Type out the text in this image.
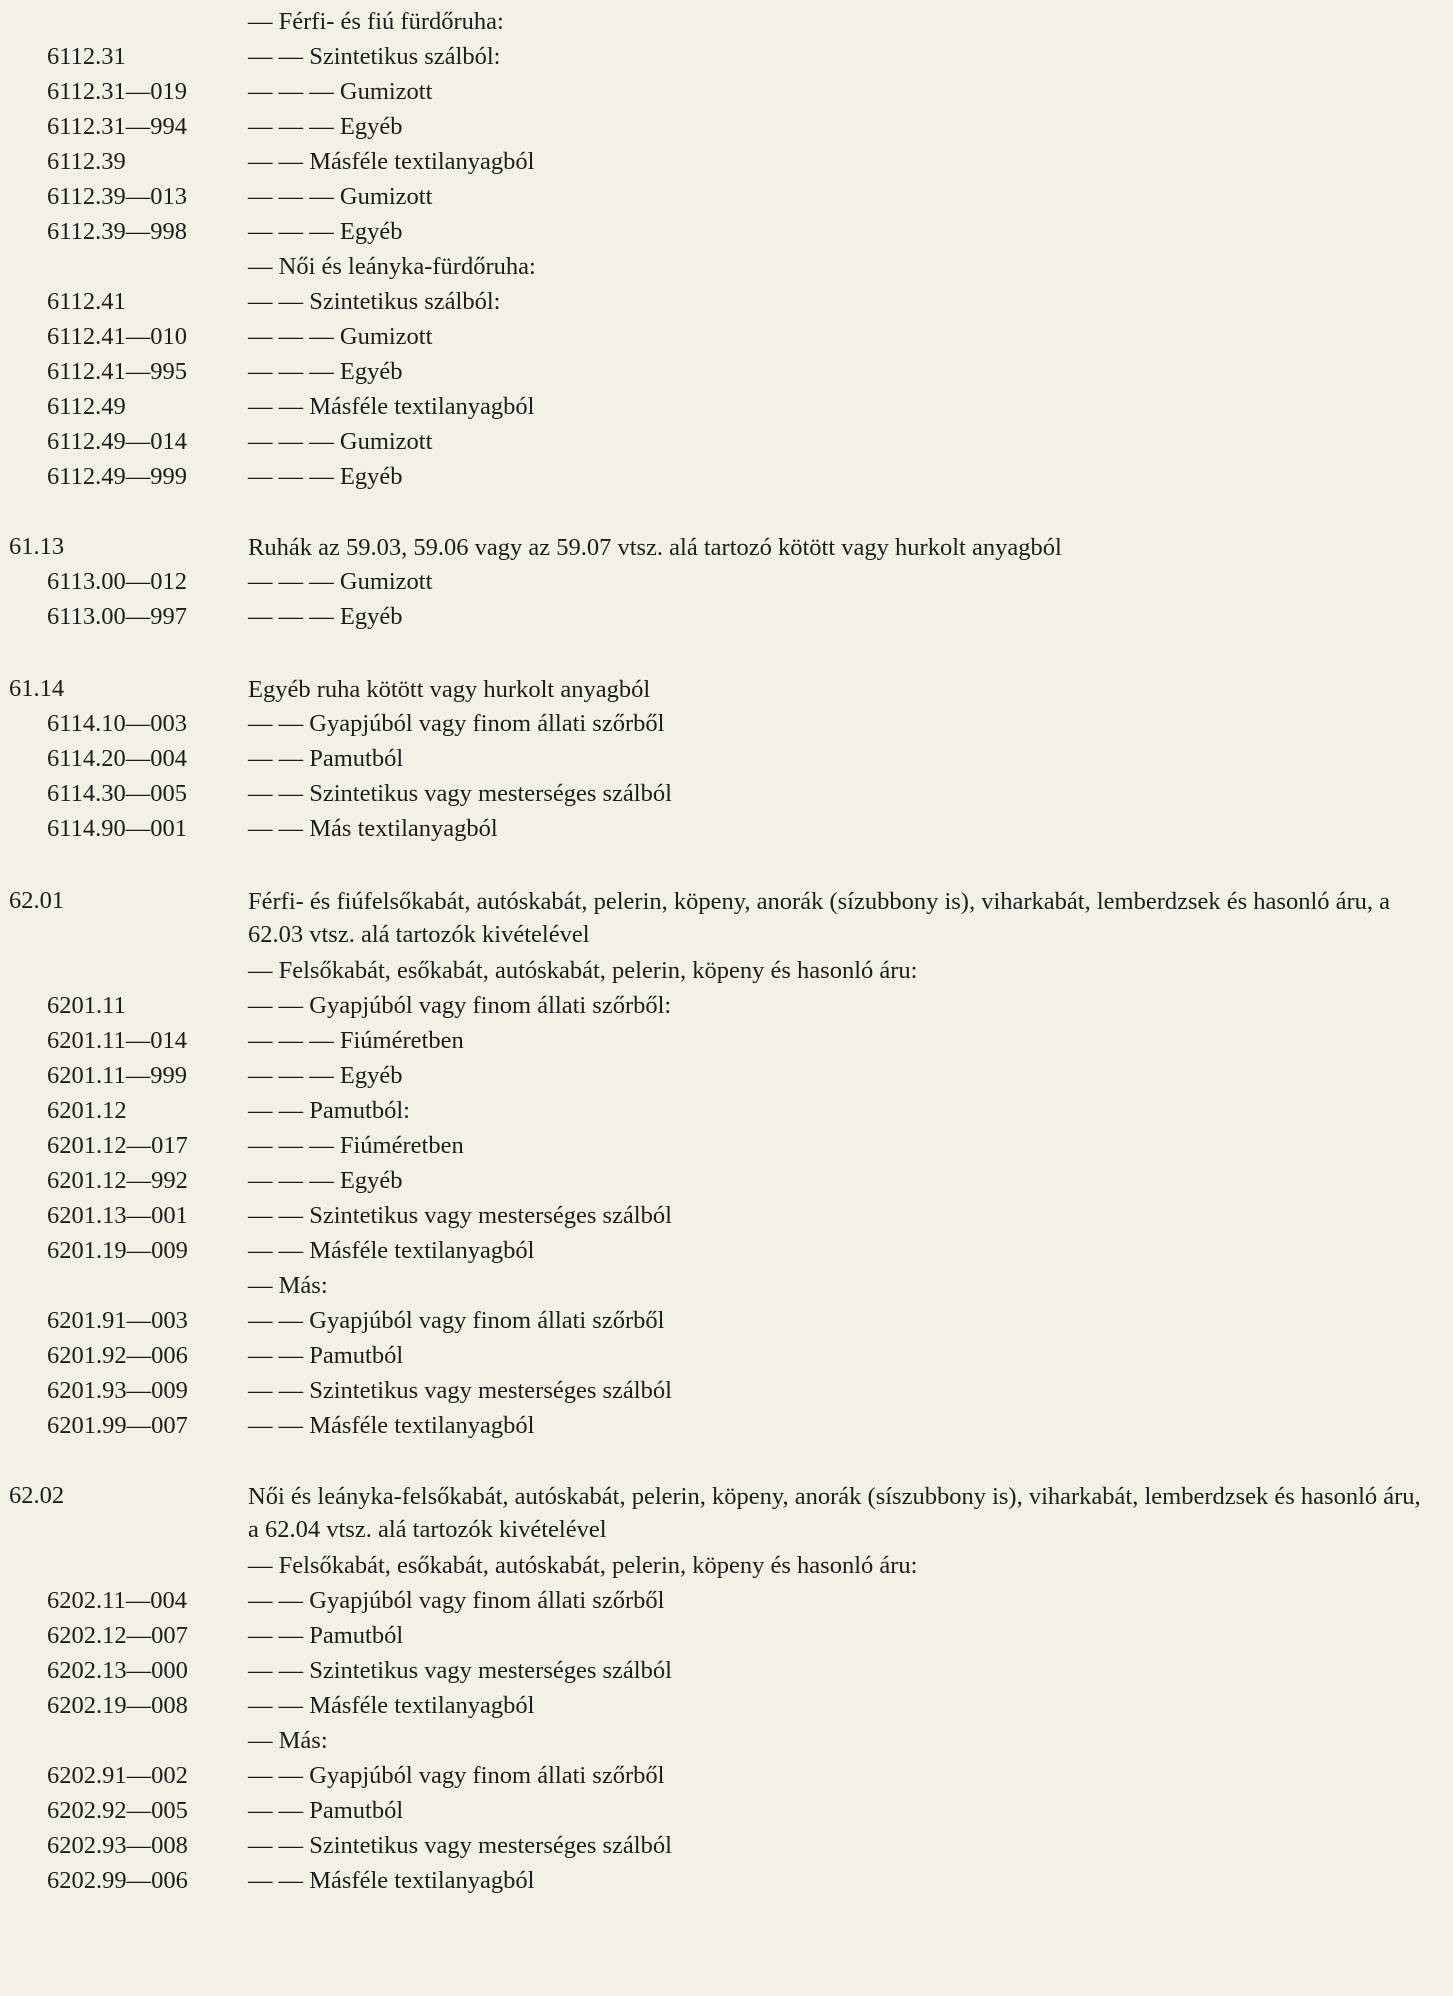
— Férfi- és fiú fürdőruha:
6112.31	— — Szintetikus szálból:
6112.31—019 — — — Gumizott
6112.31—994 — — — Egyéb
6112.39	— — Másféle textilanyagból
6112.39—013 — — — Gumizott
6112.39—998 — — — Egyéb
— Női és leányka-fürdőruha:
6112.41	— — Szintetikus szálból:
6112.41—010 — — — Gumizott
6112.41—995 — — — Egyéb
6112.49	— — Másféle textilanyagból
6112.49—014 — — — Gumizott
6112.49—999 — — — Egyéb
61.13	Ruhák az 59.03, 59.06 vagy az 59.07 vtsz. alá tartozó kötött vagy hurkolt anyagból
6113.00—012 — — — Gumizott
6113.00—997 — — — Egyéb
61.14	Egyéb ruha kötött vagy hurkolt anyagból
6114.10—003 — — Gyapjúból vagy finom állati szőrből
6114.20—004 — — Pamutból
6114.30—005 — — Szintetikus vagy mesterséges szálból
6114.90—001 — — Más textilanyagból
62.01	Férfi- és fiúfelsőkabát, autóskabát, pelerin, köpeny, anorák (sízubbony is), viharkabát, lemberdzsek és hasonló áru, a 62.03 vtsz. alá tartozók kivételével
— Felsőkabát, esőkabát, autóskabát, pelerin, köpeny és hasonló áru:
6201.11	— — Gyapjúból vagy finom állati szőrből:
6201.11—014 — — — Fiúméretben
6201.11—999 — — — Egyéb
6201.12	— — Pamutból:
6201.12—017 — — — Fiúméretben
6201.12—992 — — — Egyéb
6201.13—001 — — Szintetikus vagy mesterséges szálból
6201.19—009 — — Másféle textilanyagból
— Más:
6201.91—003 — — Gyapjúból vagy finom állati szőrből
6201.92—006 — — Pamutból
6201.93—009 — — Szintetikus vagy mesterséges szálból
6201.99—007 — — Másféle textilanyagból
62.02	Női és leányka-felsőkabát, autóskabát, pelerin, köpeny, anorák (síszubbony is), viharkabát, lemberdzsek és hasonló áru, a 62.04 vtsz. alá tartozók kivételével
— Felsőkabát, esőkabát, autóskabát, pelerin, köpeny és hasonló áru:
6202.11—004 — — Gyapjúból vagy finom állati szőrből
6202.12—007 — — Pamutból
6202.13—000 — — Szintetikus vagy mesterséges szálból
6202.19—008 — — Másféle textilanyagból
— Más:
6202.91—002 — — Gyapjúból vagy finom állati szőrből
6202.92—005 — — Pamutból
6202.93—008 — — Szintetikus vagy mesterséges szálból
6202.99—006 — — Másféle textilanyagból
